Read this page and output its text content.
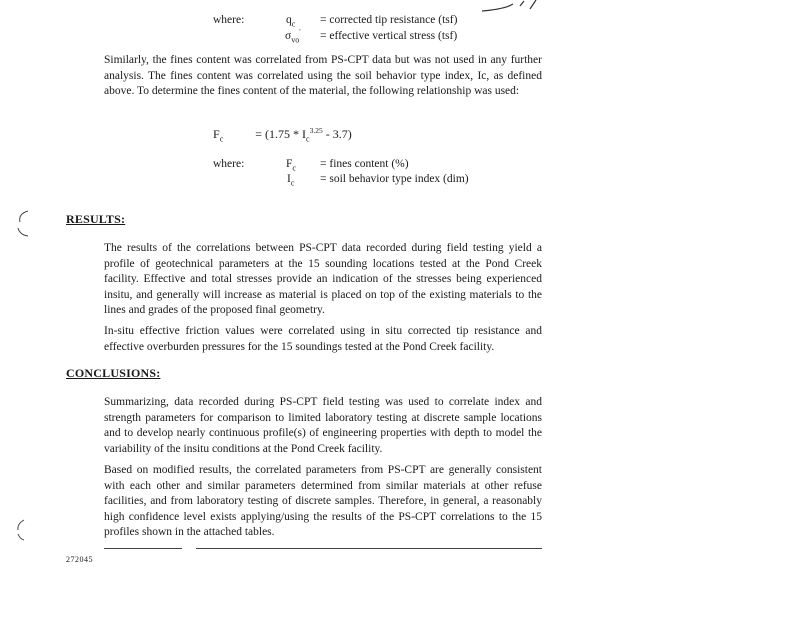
where:	$q_c$ = corrected tip resistance (tsf)
$\sigma_{vo}'$ = effective vertical stress (tsf)
Similarly, the fines content was correlated from PS-CPT data but was not used in any further analysis. The fines content was correlated using the soil behavior type index, Ic, as defined above. To determine the fines content of the material, the following relationship was used:
$F_c$	= $(1.75 * I_c^{3.25} - 3.7)$
where:	$F_c$ = fines content (%)
$I_c$ = soil behavior type index (dim)
RESULTS:
The results of the correlations between PS-CPT data recorded during field testing yield a profile of geotechnical parameters at the 15 sounding locations tested at the Pond Creek facility. Effective and total stresses provide an indication of the stresses being experienced insitu, and generally will increase as material is placed on top of the existing materials to the lines and grades of the proposed final geometry.
In-situ effective friction values were correlated using in situ corrected tip resistance and effective overburden pressures for the 15 soundings tested at the Pond Creek facility.
CONCLUSIONS:
Summarizing, data recorded during PS-CPT field testing was used to correlate index and strength parameters for comparison to limited laboratory testing at discrete sample locations and to develop nearly continuous profile(s) of engineering properties with depth to model the variability of the insitu conditions at the Pond Creek facility.
Based on modified results, the correlated parameters from PS-CPT are generally consistent with each other and similar parameters determined from similar materials at other refuse facilities, and from laboratory testing of discrete samples. Therefore, in general, a reasonably high confidence level exists applying/using the results of the PS-CPT correlations to the 15 profiles shown in the attached tables.
272045
